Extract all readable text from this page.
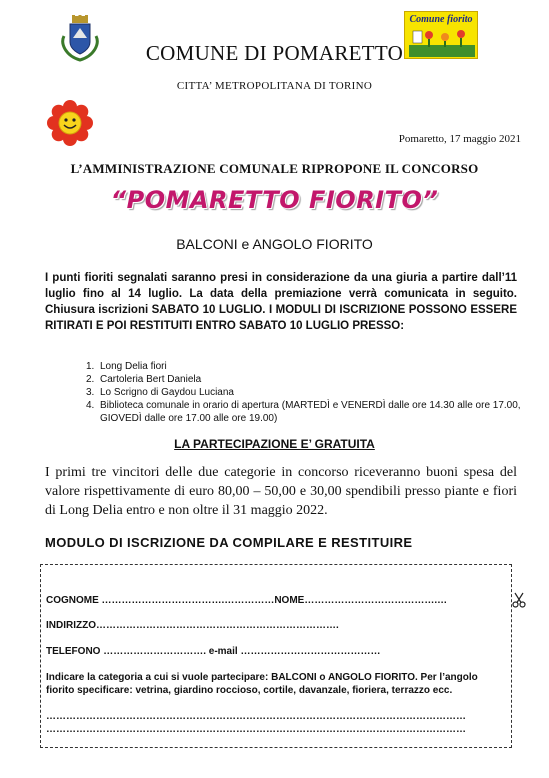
Comune fiorito
COMUNE DI POMARETTO
CITTA’ METROPOLITANA DI TORINO
Pomaretto, 17 maggio 2021
L’AMMINISTRAZIONE COMUNALE RIPROPONE IL CONCORSO
“POMARETTO FIORITO”
BALCONI e ANGOLO FIORITO
I punti fioriti segnalati saranno presi in considerazione da una giuria a partire dall’11 luglio fino al 14 luglio. La data della premiazione verrà comunicata in seguito. Chiusura iscrizioni SABATO 10 LUGLIO. I MODULI DI ISCRIZIONE POSSONO ESSERE RITIRATI E POI RESTITUITI ENTRO SABATO 10 LUGLIO PRESSO:
1. Long Delia fiori
2. Cartoleria Bert Daniela
3. Lo Scrigno di Gaydou Luciana
4. Biblioteca comunale in orario di apertura (MARTEDÌ e VENERDÌ dalle ore 14.30 alle ore 17.00, GIOVEDÌ dalle ore 17.00 alle ore 19.00)
LA PARTECIPAZIONE E’ GRATUITA
I primi tre vincitori delle due categorie in concorso riceveranno buoni spesa del valore rispettivamente di euro 80,00 – 50,00 e 30,00 spendibili presso piante e fiori di Long Delia entro e non oltre il 31 maggio 2022.
MODULO DI ISCRIZIONE DA COMPILARE E RESTITUIRE
COGNOME ……………………………….……………NOME………………………………….…
INDIRIZZO……………………………………………………………….
TELEFONO …………………………. e-mail ……………………………………
Indicare la categoria a cui si vuole partecipare: BALCONI o ANGOLO FIORITO. Per l’angolo fiorito specificare: vetrina, giardino roccioso, cortile, davanzale, fioriera, terrazzo ecc.
………………………………………………………………………………………………………………
………………………………………………………………………………………………………………
